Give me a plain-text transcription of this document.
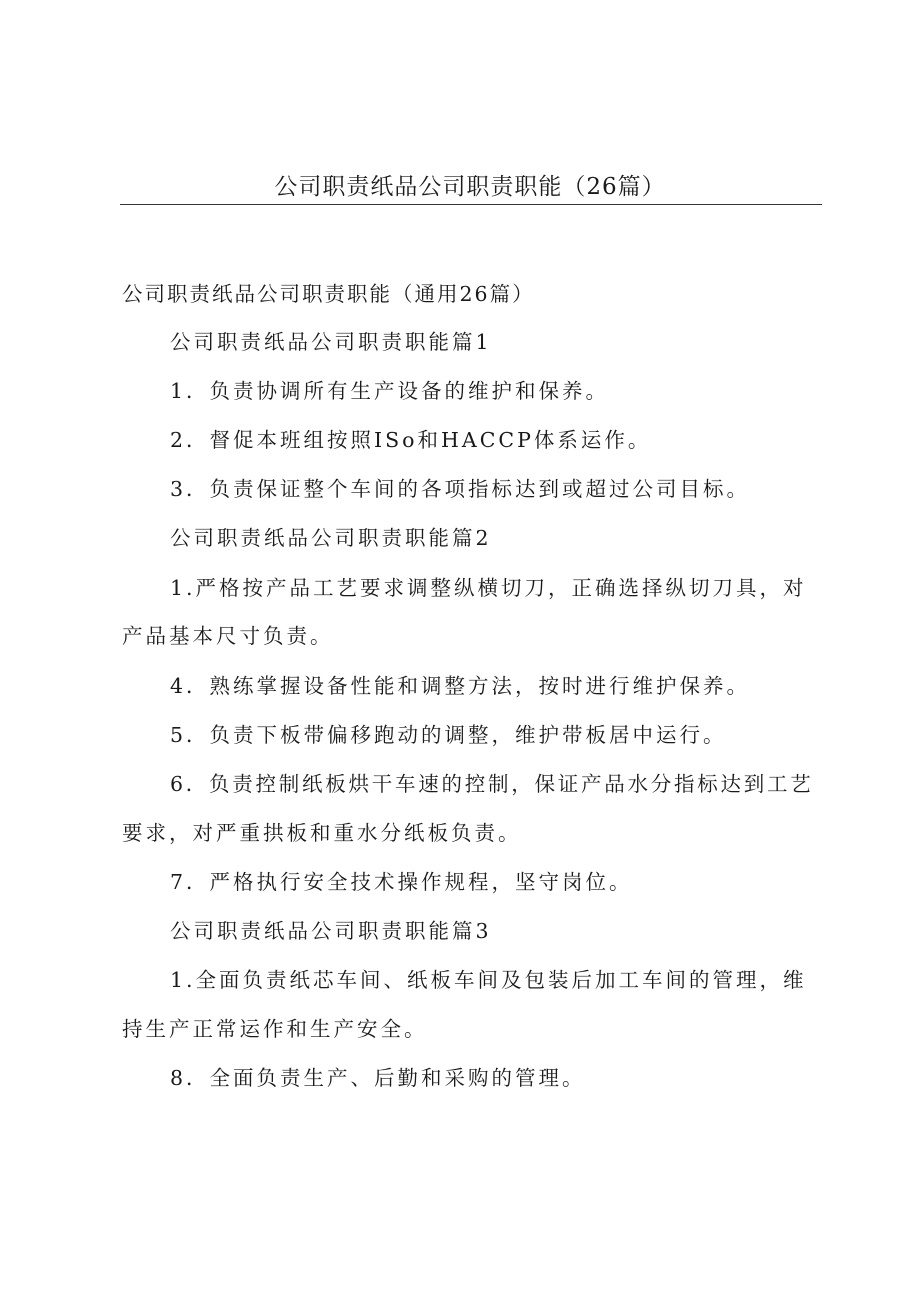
公司职责纸品公司职责职能（26篇）
公司职责纸品公司职责职能（通用26篇）
公司职责纸品公司职责职能篇1
1．负责协调所有生产设备的维护和保养。
2．督促本班组按照ISo和HACCP体系运作。
3．负责保证整个车间的各项指标达到或超过公司目标。
公司职责纸品公司职责职能篇2
1.严格按产品工艺要求调整纵横切刀，正确选择纵切刀具，对
产品基本尺寸负责。
4．熟练掌握设备性能和调整方法，按时进行维护保养。
5．负责下板带偏移跑动的调整，维护带板居中运行。
6．负责控制纸板烘干车速的控制，保证产品水分指标达到工艺
要求，对严重拱板和重水分纸板负责。
7．严格执行安全技术操作规程，坚守岗位。
公司职责纸品公司职责职能篇3
1.全面负责纸芯车间、纸板车间及包装后加工车间的管理，维
持生产正常运作和生产安全。
8．全面负责生产、后勤和采购的管理。
